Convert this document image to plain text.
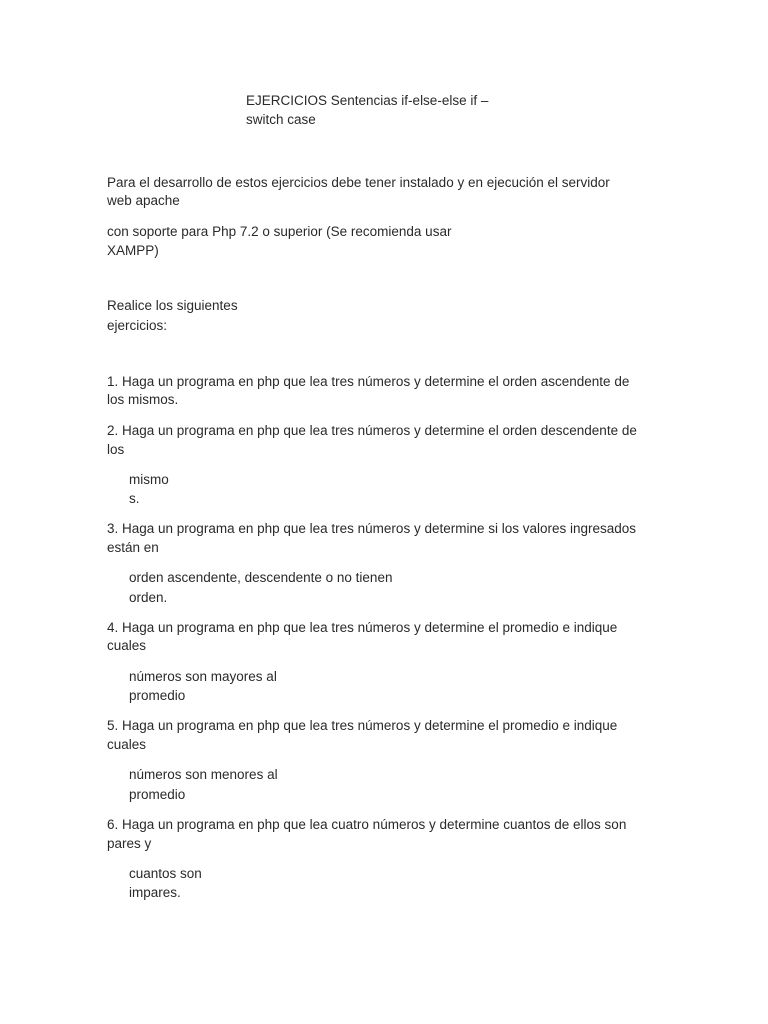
EJERCICIOS Sentencias if-else-else if –
switch case
Para el desarrollo de estos ejercicios debe tener instalado y en ejecución el servidor
web apache
con soporte para Php 7.2 o superior (Se recomienda usar
XAMPP)
Realice los siguientes
ejercicios:
1. Haga un programa en php que lea tres números y determine el orden ascendente de
los mismos.
2. Haga un programa en php que lea tres números y determine el orden descendente de
los
mismo
s.
3. Haga un programa en php que lea tres números y determine si los valores ingresados
están en
orden ascendente, descendente o no tienen
orden.
4. Haga un programa en php que lea tres números y determine el promedio e indique
cuales
números son mayores al
promedio
5. Haga un programa en php que lea tres números y determine el promedio e indique
cuales
números son menores al
promedio
6. Haga un programa en php que lea cuatro números y determine cuantos de ellos son
pares y
cuantos son
impares.
